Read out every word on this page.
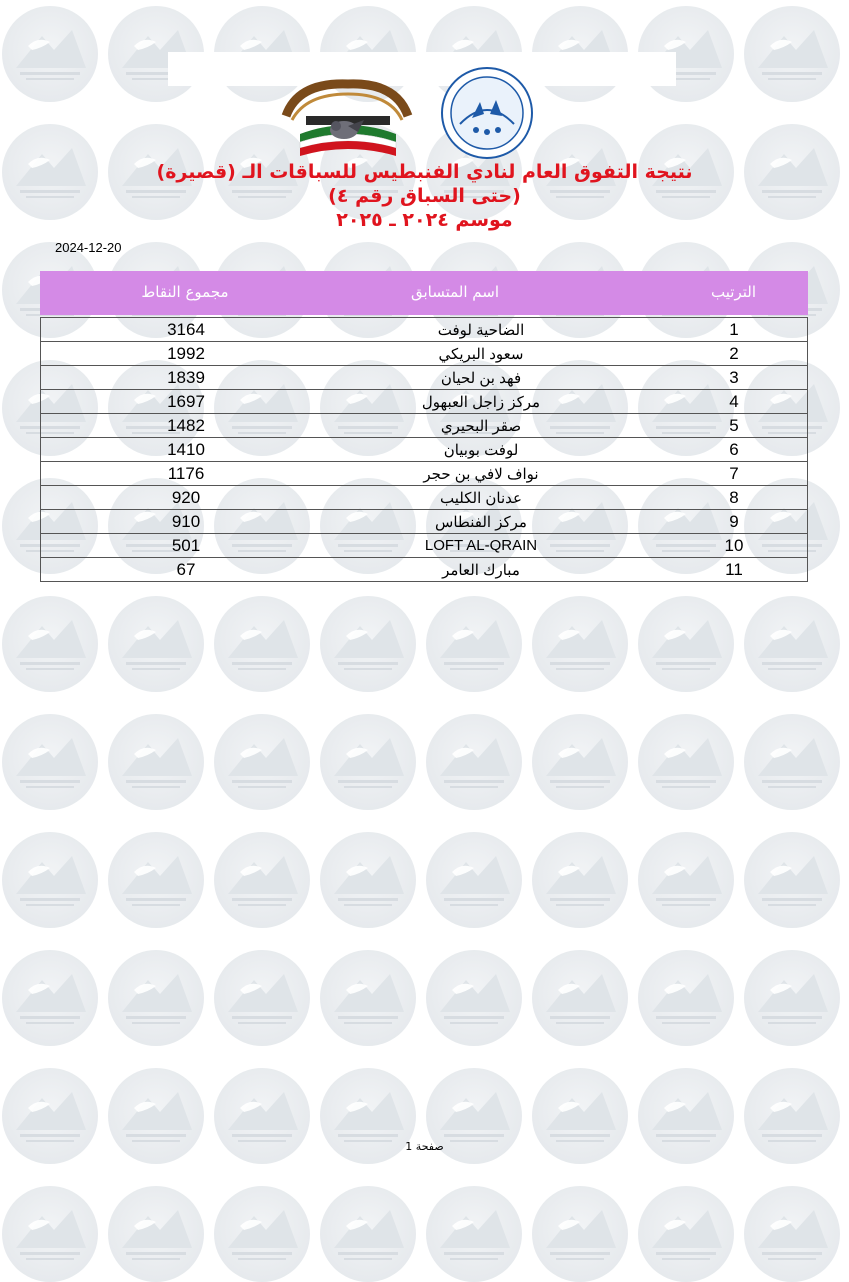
نتيجة التفوق العام لنادي الفنبطيس للسباقات الـ (قصيرة)
(حتى السباق رقم ٤)
موسم ٢٠٢٤ ـ ٢٠٢٥
2024-12-20
مجموع النقاط	اسم المتسابق	الترتيب
3164	الضاحية لوفت	1
1992	سعود البريكي	2
1839	فهد بن لحيان	3
1697	مركز زاجل العبهول	4
1482	صقر البحيري	5
1410	لوفت بوبيان	6
1176	نواف لافي بن حجر	7
920	عدنان الكليب	8
910	مركز الفنطاس	9
501	LOFT AL-QRAIN	10
67	مبارك العامر	11
صفحة 1
